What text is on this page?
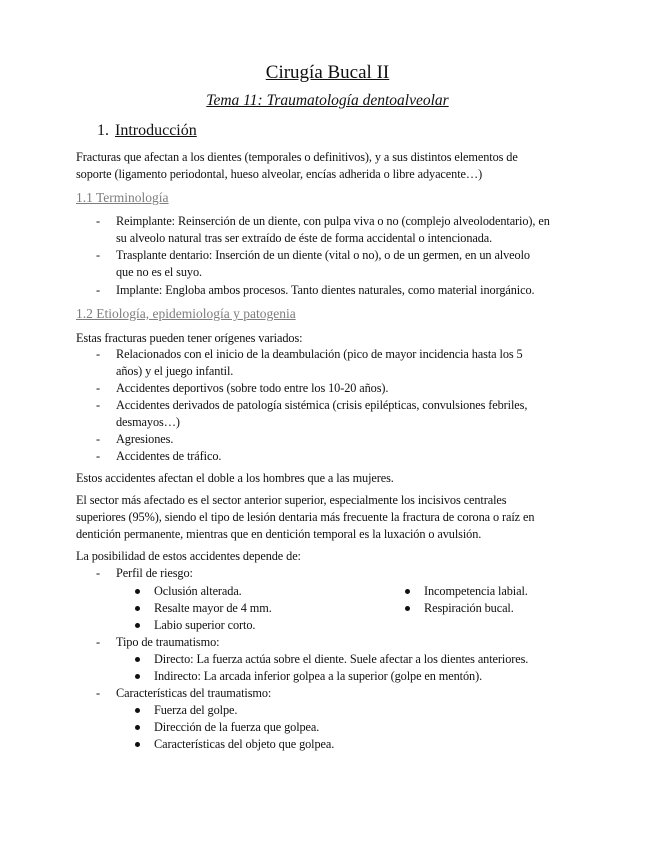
Cirugía Bucal II
Tema 11: Traumatología dentoalveolar
1. Introducción
Fracturas que afectan a los dientes (temporales o definitivos), y a sus distintos elementos de
soporte (ligamento periodontal, hueso alveolar, encías adherida o libre adyacente…)
1.1 Terminología
- Reimplante: Reinserción de un diente, con pulpa viva o no (complejo alveolodentario), en
su alveolo natural tras ser extraído de éste de forma accidental o intencionada.
- Trasplante dentario: Inserción de un diente (vital o no), o de un germen, en un alveolo
que no es el suyo.
- Implante: Engloba ambos procesos. Tanto dientes naturales, como material inorgánico.
1.2 Etiología, epidemiología y patogenia
Estas fracturas pueden tener orígenes variados:
- Relacionados con el inicio de la deambulación (pico de mayor incidencia hasta los 5
años) y el juego infantil.
- Accidentes deportivos (sobre todo entre los 10-20 años).
- Accidentes derivados de patología sistémica (crisis epilépticas, convulsiones febriles,
desmayos…)
- Agresiones.
- Accidentes de tráfico.
Estos accidentes afectan el doble a los hombres que a las mujeres.
El sector más afectado es el sector anterior superior, especialmente los incisivos centrales
superiores (95%), siendo el tipo de lesión dentaria más frecuente la fractura de corona o raíz en
dentición permanente, mientras que en dentición temporal es la luxación o avulsión.
La posibilidad de estos accidentes depende de:
- Perfil de riesgo:
Oclusión alterada.
Resalte mayor de 4 mm.
Labio superior corto.
Incompetencia labial.
Respiración bucal.
- Tipo de traumatismo:
Directo: La fuerza actúa sobre el diente. Suele afectar a los dientes anteriores.
Indirecto: La arcada inferior golpea a la superior (golpe en mentón).
- Características del traumatismo:
Fuerza del golpe.
Dirección de la fuerza que golpea.
Características del objeto que golpea.
